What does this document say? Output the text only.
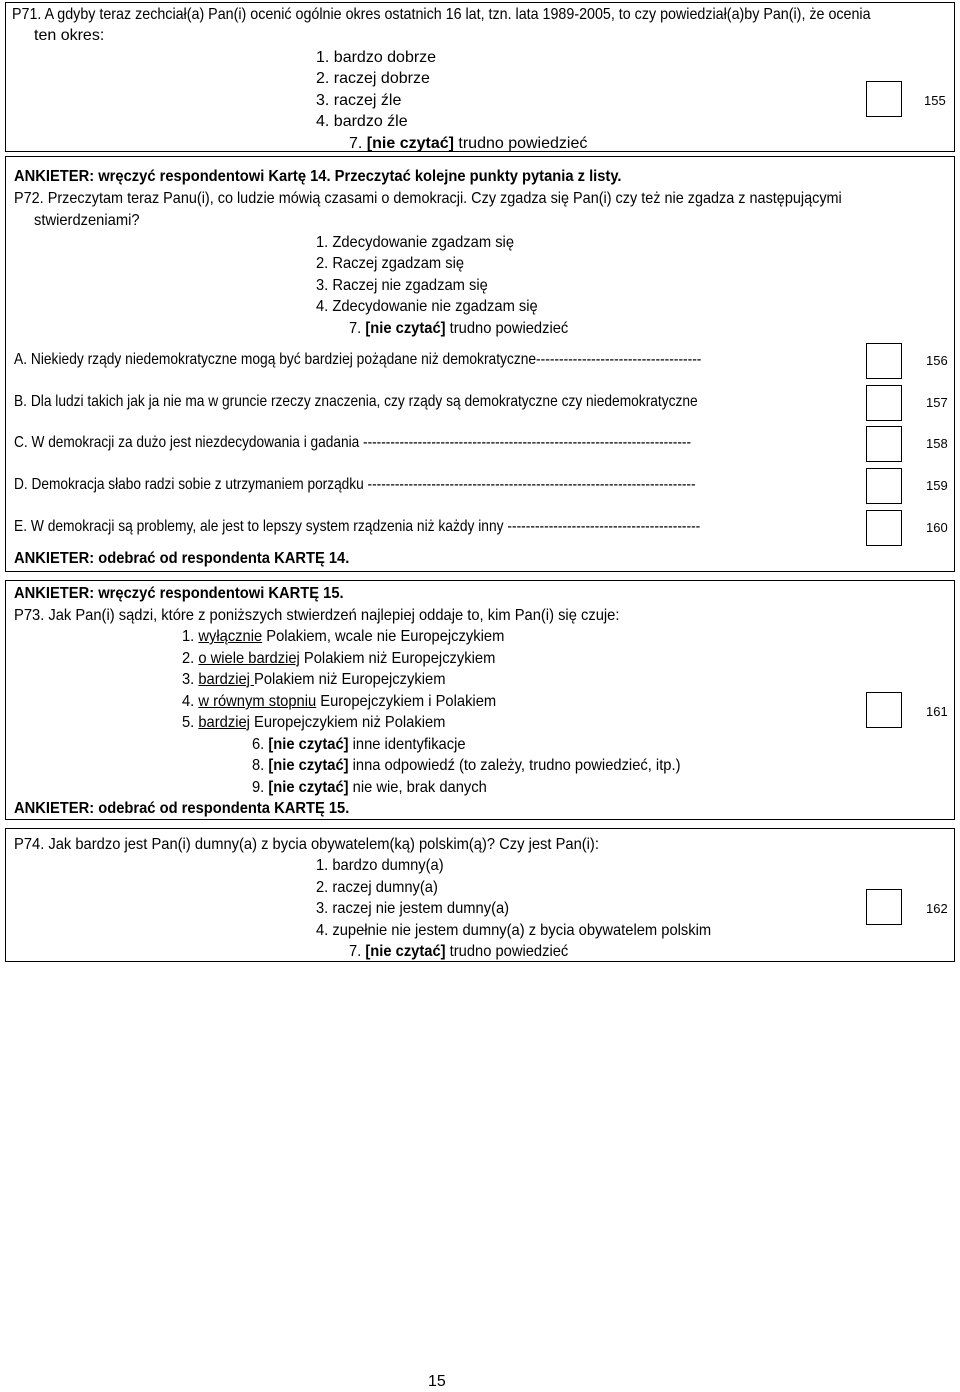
P71. A gdyby teraz zechciał(a) Pan(i) ocenić ogólnie okres ostatnich 16 lat, tzn. lata 1989-2005, to czy powiedział(a)by Pan(i), że ocenia
ten okres:
1. bardzo dobrze
2. raczej dobrze
3. raczej źle
4. bardzo źle
7. [nie czytać] trudno powiedzieć
155
ANKIETER: wręczyć respondentowi Kartę 14. Przeczytać kolejne punkty pytania z listy.
P72. Przeczytam teraz Panu(i), co ludzie mówią czasami o demokracji. Czy zgadza się Pan(i) czy też nie zgadza z następującymi
stwierdzeniami?
1. Zdecydowanie zgadzam się
2. Raczej zgadzam się
3. Raczej nie zgadzam się
4. Zdecydowanie nie zgadzam się
7. [nie czytać] trudno powiedzieć
A. Niekiedy rządy niedemokratyczne mogą być bardziej pożądane niż demokratyczne------------------------------------	156
B. Dla ludzi takich jak ja nie ma w gruncie rzeczy znaczenia, czy rządy są demokratyczne czy niedemokratyczne	157
C. W demokracji za dużo jest niezdecydowania i gadania ------------------------------------------------------------------------	158
D. Demokracja słabo radzi sobie z utrzymaniem porządku ------------------------------------------------------------------------	159
E. W demokracji są problemy, ale jest to lepszy system rządzenia niż każdy inny ------------------------------------------	160
ANKIETER: odebrać od respondenta KARTĘ 14.
ANKIETER: wręczyć respondentowi KARTĘ 15.
P73. Jak Pan(i) sądzi, które z poniższych stwierdzeń najlepiej oddaje to, kim Pan(i) się czuje:
1. wyłącznie Polakiem, wcale nie Europejczykiem
2. o wiele bardziej Polakiem niż Europejczykiem
3. bardziej Polakiem niż Europejczykiem
4. w równym stopniu Europejczykiem i Polakiem
5. bardziej Europejczykiem niż Polakiem
6. [nie czytać] inne identyfikacje
8. [nie czytać] inna odpowiedź (to zależy, trudno powiedzieć, itp.)
9. [nie czytać] nie wie, brak danych
ANKIETER: odebrać od respondenta KARTĘ 15.
161
P74. Jak bardzo jest Pan(i) dumny(a) z bycia obywatelem(ką) polskim(ą)? Czy jest Pan(i):
1. bardzo dumny(a)
2. raczej dumny(a)
3. raczej nie jestem dumny(a)
4. zupełnie nie jestem dumny(a) z bycia obywatelem polskim
7. [nie czytać] trudno powiedzieć
162
15
